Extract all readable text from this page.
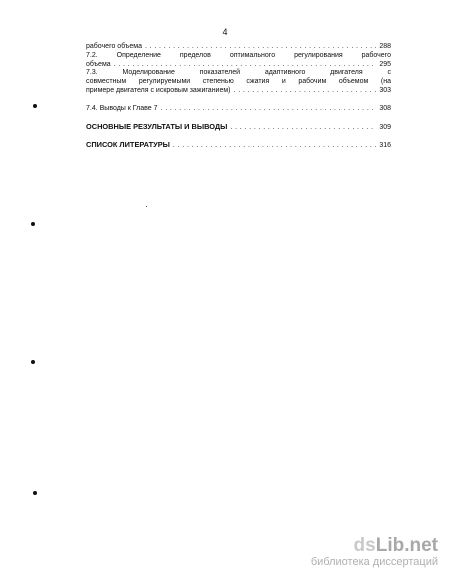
4
рабочего объема . . .	288
7.2. Определение пределов оптимального регулирования рабочего
объема . . .	295
7.3. Моделирование показателей адаптивного двигателя с
совместным регулируемыми степенью сжатия и рабочим объемом (на
примере двигателя с искровым зажиганием) . . .	303
7.4. Выводы к Главе 7 . . .	308
ОСНОВНЫЕ РЕЗУЛЬТАТЫ И ВЫВОДЫ . . .	309
СПИСОК ЛИТЕРАТУРЫ . . .	316
dsLib.net
библиотека диссертаций
